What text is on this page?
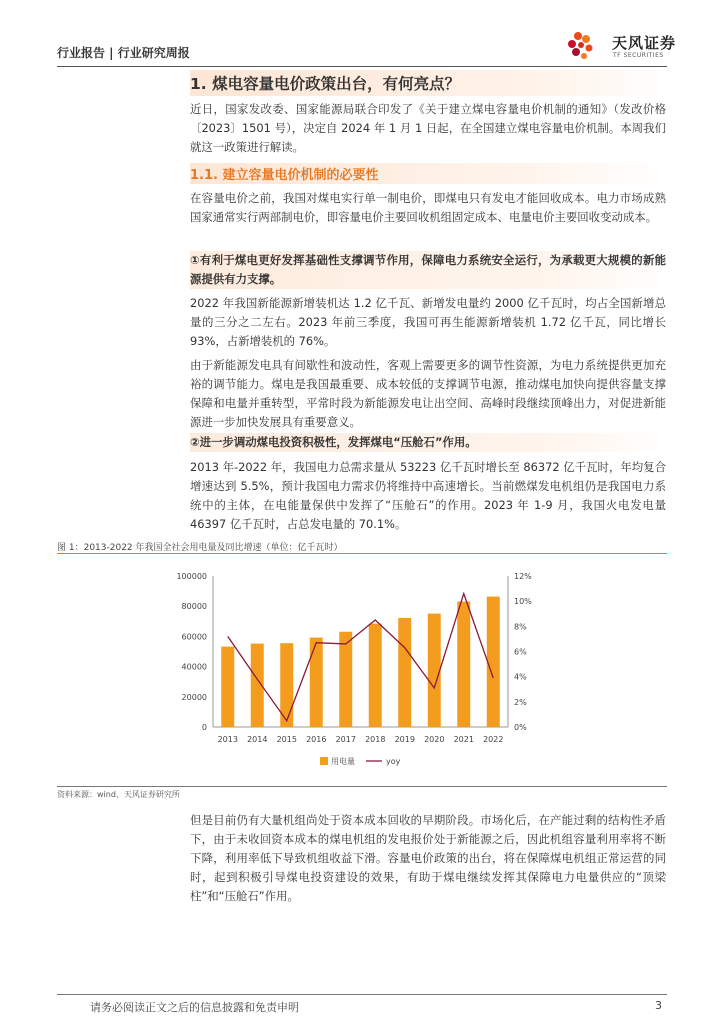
行业报告 | 行业研究周报
天风证券
TF SECURITIES
1. 煤电容量电价政策出台，有何亮点？
近日，国家发改委、国家能源局联合印发了《关于建立煤电容量电价机制的通知》（发改价格〔2023〕1501 号），决定自 2024 年 1 月 1 日起，在全国建立煤电容量电价机制。本周我们就这一政策进行解读。
1.1. 建立容量电价机制的必要性
在容量电价之前，我国对煤电实行单一制电价，即煤电只有发电才能回收成本。电力市场成熟国家通常实行两部制电价，即容量电价主要回收机组固定成本、电量电价主要回收变动成本。
①有利于煤电更好发挥基础性支撑调节作用，保障电力系统安全运行，为承载更大规模的新能源提供有力支撑。
2022 年我国新能源新增装机达 1.2 亿千瓦、新增发电量约 2000 亿千瓦时，均占全国新增总量的三分之二左右。2023 年前三季度，我国可再生能源新增装机 1.72 亿千瓦，同比增长 93%，占新增装机的 76%。
由于新能源发电具有间歇性和波动性，客观上需要更多的调节性资源，为电力系统提供更加充裕的调节能力。煤电是我国最重要、成本较低的支撑调节电源，推动煤电加快向提供容量支撑保障和电量并重转型，平常时段为新能源发电让出空间、高峰时段继续顶峰出力，对促进新能源进一步加快发展具有重要意义。
②进一步调动煤电投资积极性，发挥煤电“压舱石”作用。
2013 年-2022 年，我国电力总需求量从 53223 亿千瓦时增长至 86372 亿千瓦时，年均复合增速达到 5.5%，预计我国电力需求仍将维持中高速增长。当前燃煤发电机组仍是我国电力系统中的主体，在电能量保供中发挥了“压舱石”的作用。2023 年 1-9 月，我国火电发电量 46397 亿千瓦时，占总发电量的 70.1%。
图 1：2013-2022 年我国全社会用电量及同比增速（单位：亿千瓦时）
0
20000
40000
60000
80000
100000
0%
2%
4%
6%
8%
10%
12%
2013 2014 2015 2016 2017 2018 2019 2020 2021 2022
用电量	yoy
资料来源：wind、天风证券研究所
但是目前仍有大量机组尚处于资本成本回收的早期阶段。市场化后，在产能过剩的结构性矛盾下，由于未收回资本成本的煤电机组的发电报价处于新能源之后，因此机组容量利用率将不断下降，利用率低下导致机组收益下滑。容量电价政策的出台，将在保障煤电机组正常运营的同时，起到积极引导煤电投资建设的效果，有助于煤电继续发挥其保障电力电量供应的“顶梁柱”和“压舱石”作用。
请务必阅读正文之后的信息披露和免责申明	3
